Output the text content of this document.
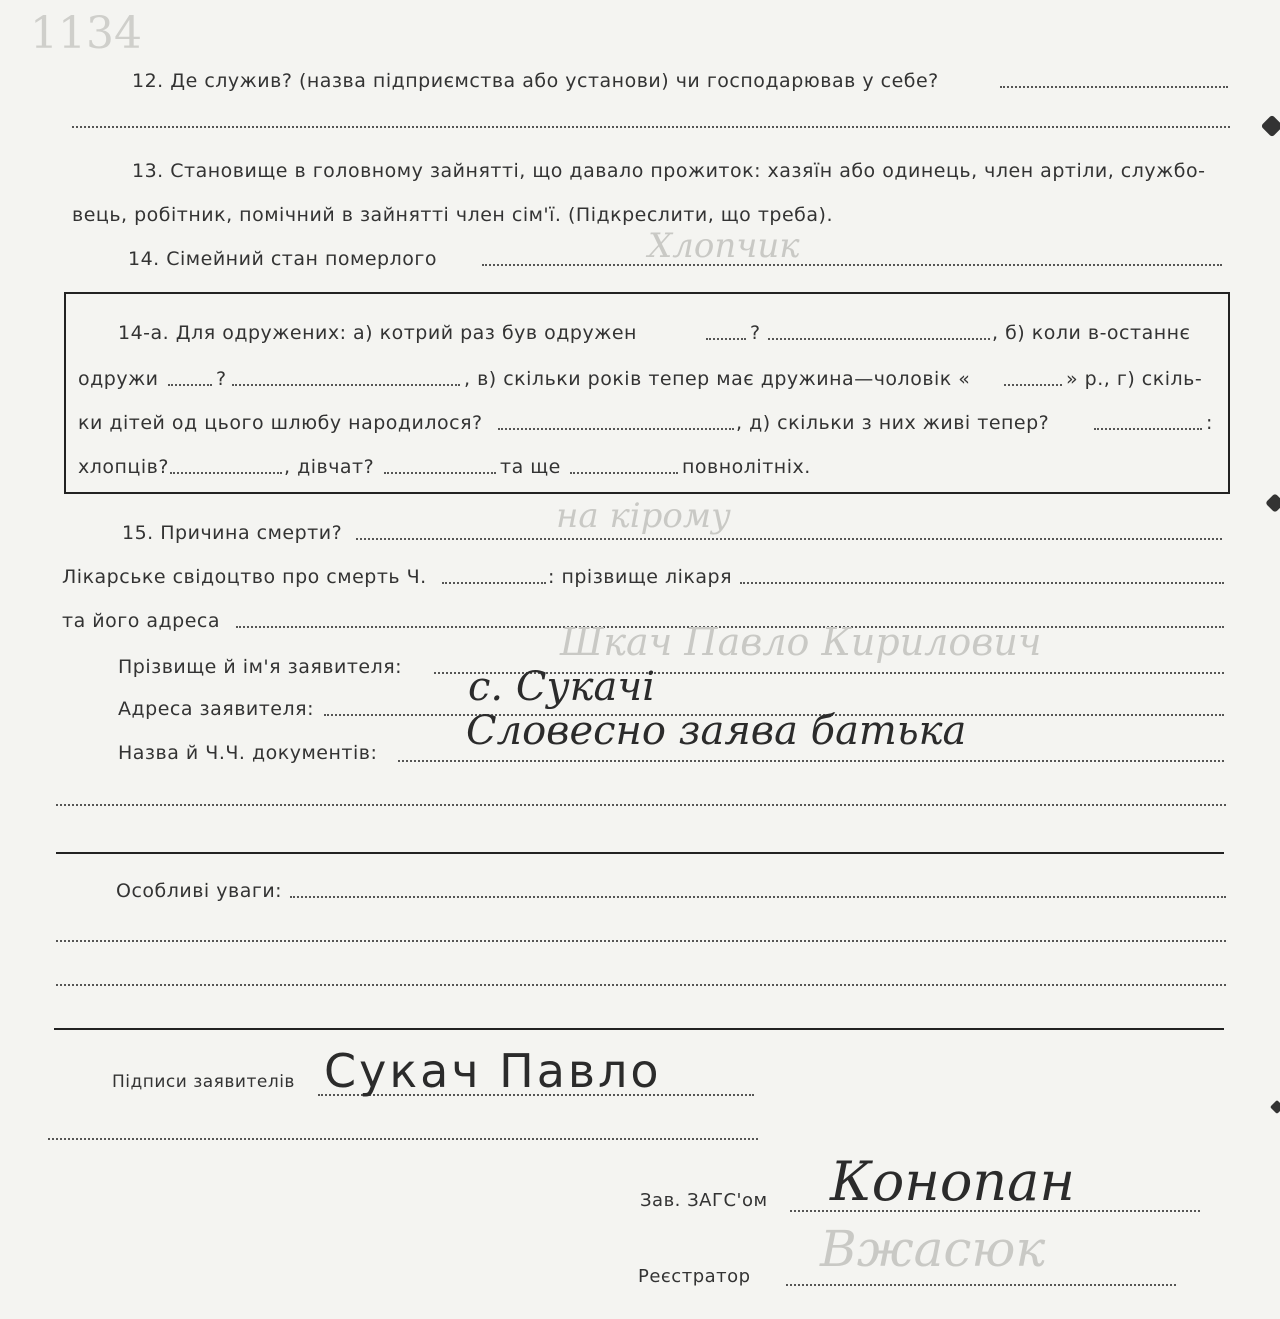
1134
12. Де служив? (назва підприємства або установи) чи господарював у себе?
13. Становище в головному зайнятті, що давало прожиток: хазяїн або одинець, член артіли, службо-
вець, робітник, помічний в зайнятті член сім'ї. (Підкреслити, що треба).
14. Сімейний стан померлого	Хлопчик
14-а. Для одружених: а) котрий раз був одружен	?	, б) коли в-останнє
одружи	?	, в) скільки років тепер має дружина—чоловік «	» р., г) скіль-
ки дітей од цього шлюбу народилося?	, д) скільки з них живі тепер?	:
хлопців?	, дівчат?	та ще	повнолітніх.
15. Причина смерти?	на кірому
Лікарське свідоцтво про смерть Ч.	: прізвище лікаря
та його адреса
Прізвище й ім'я заявителя:
Шкач Павло Кирилович
Адреса заявителя:	с. Сукачі
Назва й Ч.Ч. документів: Словесно заява батька
Особливі уваги:
Підписи заявителів Сукач Павло
Зав. ЗАГС'ом Конопан
Реєстратор Вжасюк
